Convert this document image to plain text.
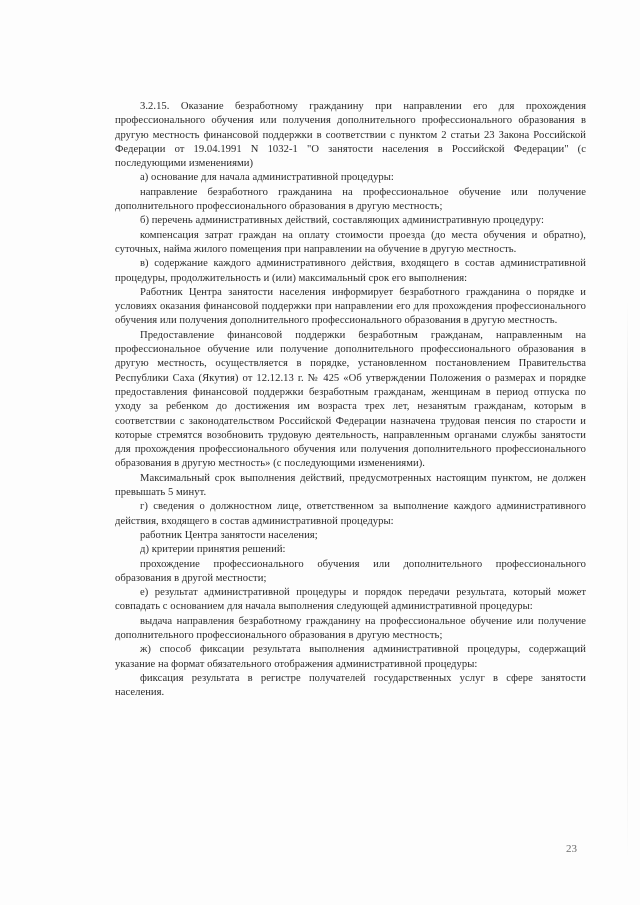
3.2.15. Оказание безработному гражданину при направлении его для прохождения профессионального обучения или получения дополнительного профессионального образования в другую местность финансовой поддержки в соответствии с пунктом 2 статьи 23 Закона Российской Федерации от 19.04.1991 N 1032-1 "О занятости населения в Российской Федерации" (с последующими изменениями)

а) основание для начала административной процедуры:

направление безработного гражданина на профессиональное обучение или получение дополнительного профессионального образования в другую местность;

б) перечень административных действий, составляющих административную процедуру:

компенсация затрат граждан на оплату стоимости проезда (до места обучения и обратно), суточных, найма жилого помещения при направлении на обучение в другую местность.

в) содержание каждого административного действия, входящего в состав административной процедуры, продолжительность и (или) максимальный срок его выполнения:

Работник Центра занятости населения информирует безработного гражданина о порядке и условиях оказания финансовой поддержки при направлении его для прохождения профессионального обучения или получения дополнительного профессионального образования в другую местность.

Предоставление финансовой поддержки безработным гражданам, направленным на профессиональное обучение или получение дополнительного профессионального образования в другую местность, осуществляется в порядке, установленном постановлением Правительства Республики Саха (Якутия) от 12.12.13 г. № 425 «Об утверждении Положения о размерах и порядке предоставления финансовой поддержки безработным гражданам, женщинам в период отпуска по уходу за ребенком до достижения им возраста трех лет, незанятым гражданам, которым в соответствии с законодательством Российской Федерации назначена трудовая пенсия по старости и которые стремятся возобновить трудовую деятельность, направленным органами службы занятости для прохождения профессионального обучения или получения дополнительного профессионального образования в другую местность» (с последующими изменениями).

Максимальный срок выполнения действий, предусмотренных настоящим пунктом, не должен превышать 5 минут.

г) сведения о должностном лице, ответственном за выполнение каждого административного действия, входящего в состав административной процедуры:

работник Центра занятости населения;

д) критерии принятия решений:

прохождение профессионального обучения или дополнительного профессионального образования в другой местности;

е) результат административной процедуры и порядок передачи результата, который может совпадать с основанием для начала выполнения следующей административной процедуры:

выдача направления безработному гражданину на профессиональное обучение или получение дополнительного профессионального образования в другую местность;

ж) способ фиксации результата выполнения административной процедуры, содержащий указание на формат обязательного отображения административной процедуры:

фиксация результата в регистре получателей государственных услуг в сфере занятости населения.

23
